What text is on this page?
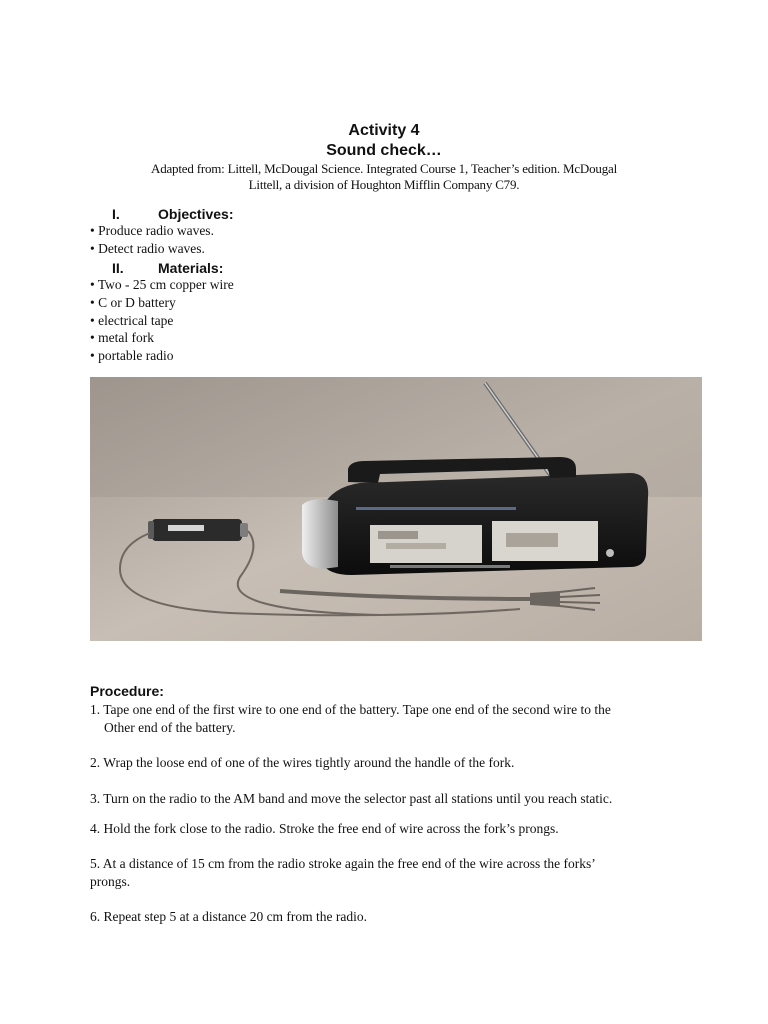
Activity 4
Sound check…
Adapted from: Littell, McDougal Science. Integrated Course 1, Teacher’s edition. McDougal
Littell, a division of Houghton Mifflin Company C79.
I.	Objectives:
• Produce radio waves.
• Detect radio waves.
II. Materials:
• Two - 25 cm copper wire
• C or D battery
• electrical tape
• metal fork
• portable radio
Procedure:
1. Tape one end of the first wire to one end of the battery. Tape one end of the second wire to the
Other end of the battery.
2. Wrap the loose end of one of the wires tightly around the handle of the fork.
3. Turn on the radio to the AM band and move the selector past all stations until you reach static.
4. Hold the fork close to the radio. Stroke the free end of wire across the fork’s prongs.
5. At a distance of 15 cm from the radio stroke again the free end of the wire across the forks’
prongs.
6. Repeat step 5 at a distance 20 cm from the radio.
